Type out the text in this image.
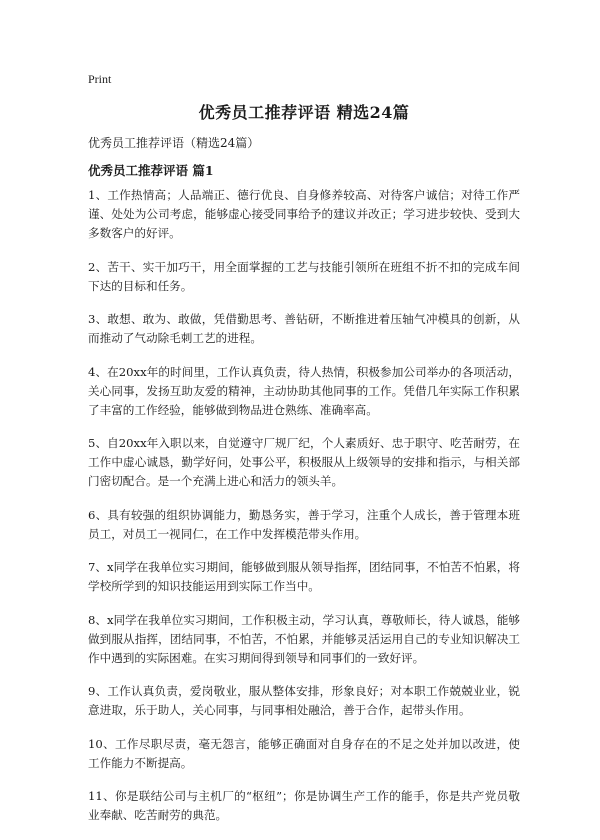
Print
优秀员工推荐评语 精选24篇

优秀员工推荐评语（精选24篇）

优秀员工推荐评语 篇1
1、工作热情高；人品端正、德行优良、自身修养较高、对待客户诚信；对待工作严谨、处处为公司考虑，能够虚心接受同事给予的建议并改正；学习进步较快、受到大多数客户的好评。
2、苦干、实干加巧干，用全面掌握的工艺与技能引领所在班组不折不扣的完成车间下达的目标和任务。
3、敢想、敢为、敢做，凭借勤思考、善钻研，不断推进着压轴气冲模具的创新，从而推动了气动除毛刺工艺的进程。
4、在20xx年的时间里，工作认真负责，待人热情，积极参加公司举办的各项活动，关心同事，发扬互助友爱的精神，主动协助其他同事的工作。凭借几年实际工作积累了丰富的工作经验，能够做到物品进仓熟练、准确率高。
5、自20xx年入职以来，自觉遵守厂规厂纪，个人素质好、忠于职守、吃苦耐劳，在工作中虚心诚恳，勤学好问，处事公平，积极服从上级领导的安排和指示，与相关部门密切配合。是一个充满上进心和活力的领头羊。
6、具有较强的组织协调能力，勤恳务实，善于学习，注重个人成长，善于管理本班员工，对员工一视同仁，在工作中发挥模范带头作用。
7、x同学在我单位实习期间，能够做到服从领导指挥，团结同事，不怕苦不怕累，将学校所学到的知识技能运用到实际工作当中。
8、x同学在我单位实习期间，工作积极主动，学习认真，尊敬师长，待人诚恳，能够做到服从指挥，团结同事，不怕苦，不怕累，并能够灵活运用自己的专业知识解决工作中遇到的实际困难。在实习期间得到领导和同事们的一致好评。
9、工作认真负责，爱岗敬业，服从整体安排，形象良好；对本职工作兢兢业业，锐意进取，乐于助人，关心同事，与同事相处融洽，善于合作，起带头作用。
10、工作尽职尽责，毫无怨言，能够正确面对自身存在的不足之处并加以改进，使工作能力不断提高。
11、你是联结公司与主机厂的“枢纽”；你是协调生产工作的能手，你是共产党员敬业奉献、吃苦耐劳的典范。
